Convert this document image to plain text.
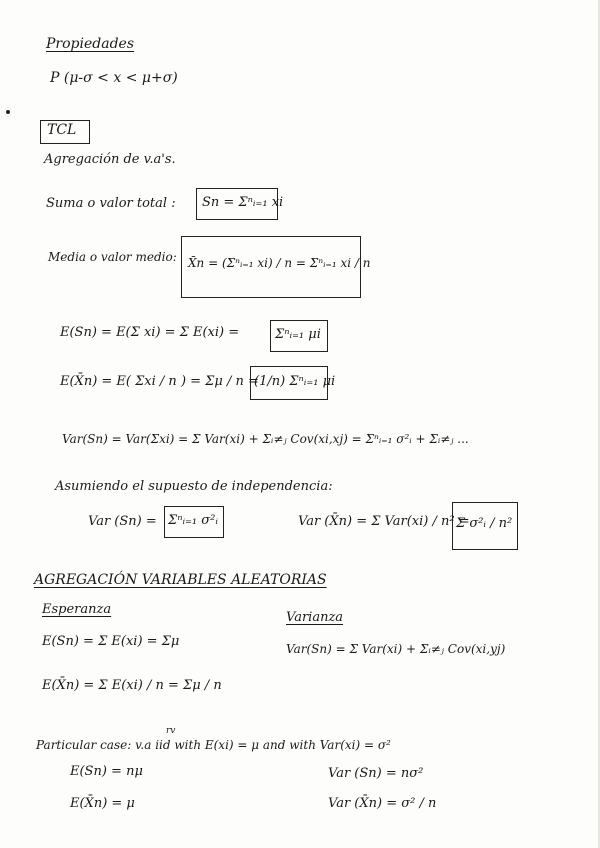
Propiedades
P (μ-σ < x < μ+σ)
TCL
Agregación de v.a's.
Suma o valor total : Sn = Σⁿᵢ₌₁ xi
Media o valor medio: X̄n = (Σⁿᵢ₌₁ xi) / n = Σⁿᵢ₌₁ xi / n
E(Sn) = E(Σ xi) = Σ E(xi) =	Σⁿᵢ₌₁ μi
E(X̄n) = E( Σxi / n ) = Σμ / n =
(1/n) Σⁿᵢ₌₁ μi
Var(Sn) = Var(Σxi) = Σ Var(xi) + Σᵢ≠ⱼ Cov(xi,xj) = Σⁿᵢ₌₁ σ²ᵢ + Σᵢ≠ⱼ ...
Asumiendo el supuesto de independencia:
Var (Sn) = Σⁿᵢ₌₁ σ²ᵢ	Var (X̄n) = Σ Var(xi) / n² =
Σ σ²ᵢ / n²
AGREGACIÓN VARIABLES ALEATORIAS
Esperanza
Varianza
E(Sn) = Σ E(xi) = Σμ	Var(Sn) = Σ Var(xi) + Σᵢ≠ⱼ Cov(xi,yj)
E(X̄n) = Σ E(xi) / n = Σμ / n
rv
Particular case: v.a iid with E(xi) = μ and with Var(xi) = σ²
E(Sn) = nμ	Var (Sn) = nσ²
E(X̄n) = μ	Var (X̄n) = σ² / n
